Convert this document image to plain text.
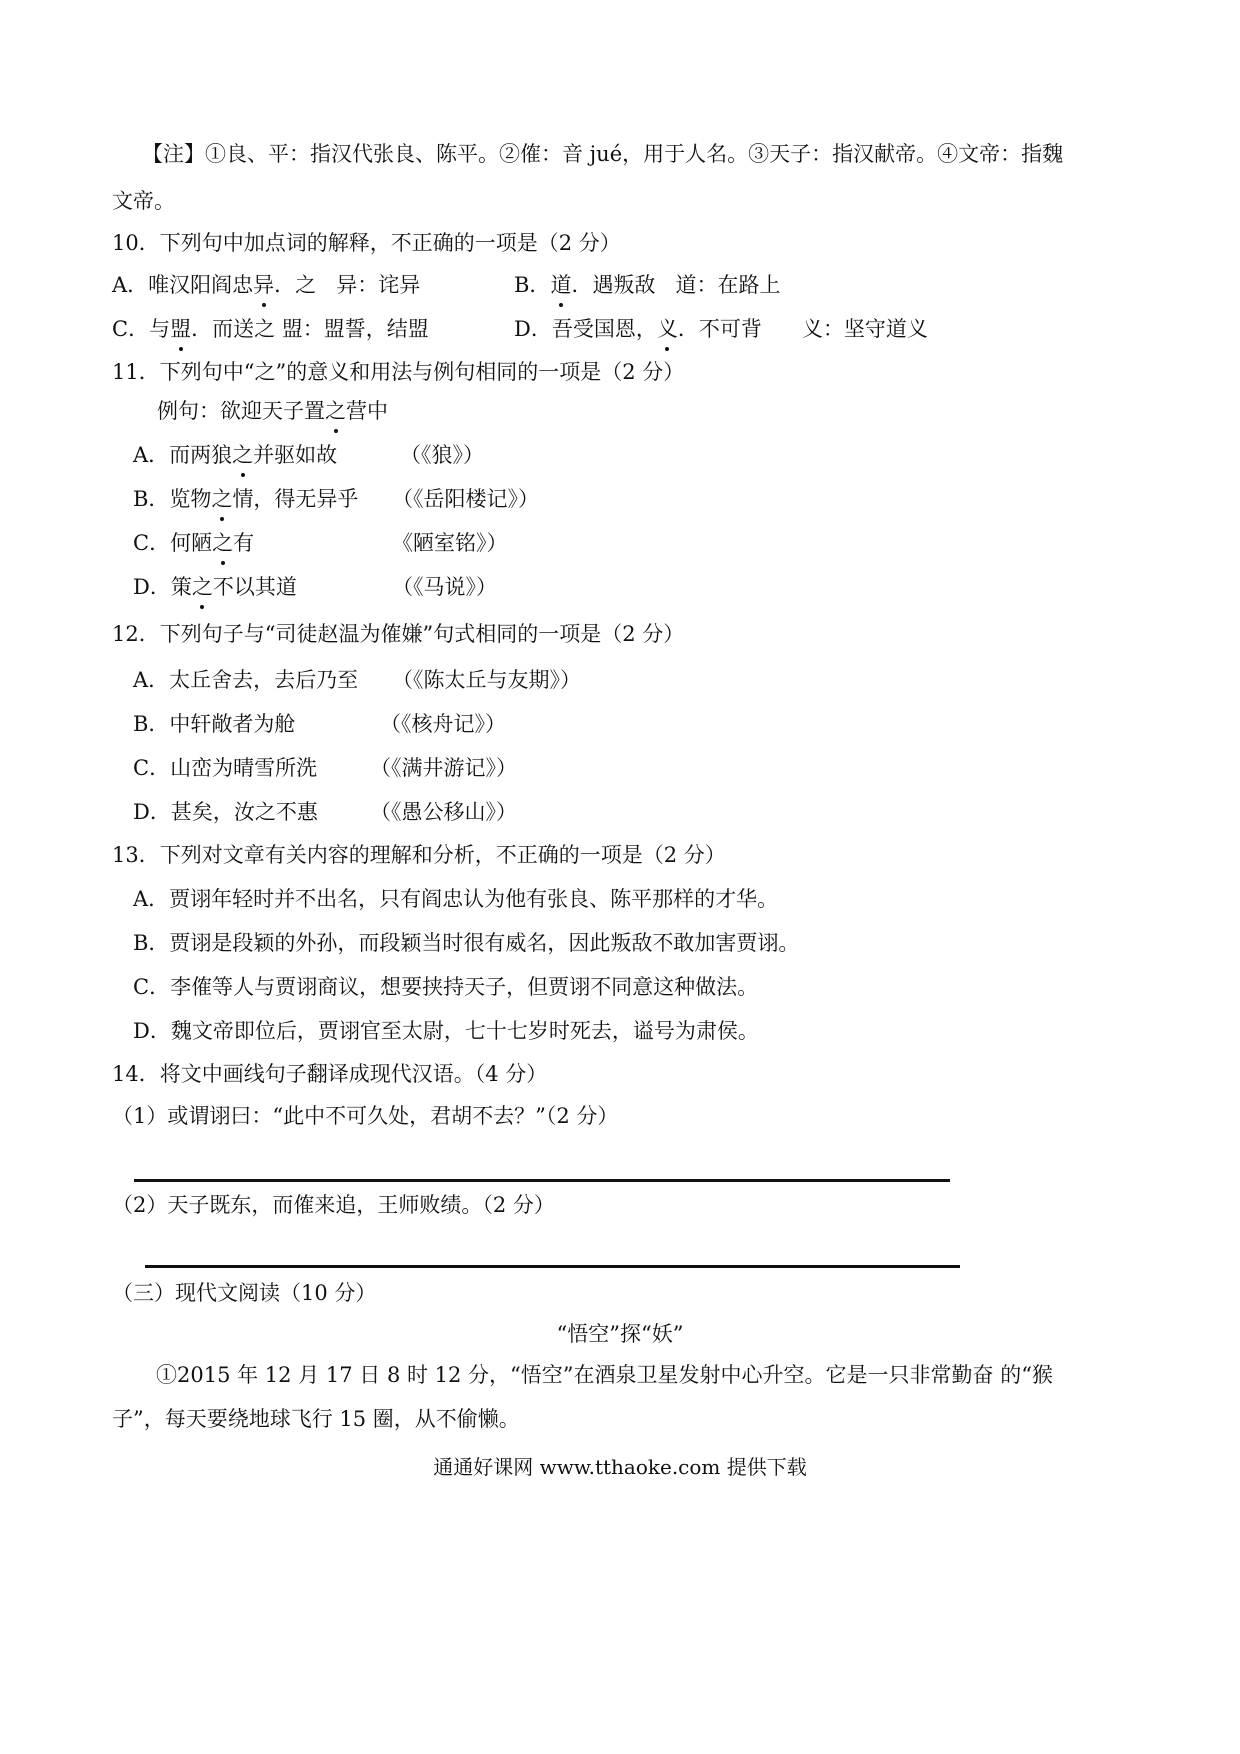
【注】①良、平：指汉代张良、陈平。②傕：音 jué，用于人名。③天子：指汉献帝。④文帝：指魏
文帝。
10．下列句中加点词的解释，不正确的一项是（2 分）
A．唯汉阳阎忠异．之 异：诧异	B．道．遇叛敌 道：在路上
C．与盟．而送之 盟：盟誓，结盟	D．吾受国恩，义．不可背 义：坚守道义
11．下列句中“之”的意义和用法与例句相同的一项是（2 分）
例句：欲迎天子置之营中
A．而两狼之并驱如故	（《狼》）
B．览物之情，得无异乎 （《岳阳楼记》）
C．何陋之有	《陋室铭》）
D．策之不以其道	（《马说》）
12．下列句子与“司徒赵温为傕嫌”句式相同的一项是（2 分）
A．太丘舍去，去后乃至 （《陈太丘与友期》）
B．中轩敞者为舱	（《核舟记》）
C．山峦为晴雪所洗	（《满井游记》）
D．甚矣，汝之不惠 （《愚公移山》）
13．下列对文章有关内容的理解和分析，不正确的一项是（2 分）
A．贾诩年轻时并不出名，只有阎忠认为他有张良、陈平那样的才华。
B．贾诩是段颖的外孙，而段颖当时很有威名，因此叛敌不敢加害贾诩。
C．李傕等人与贾诩商议，想要挟持天子，但贾诩不同意这种做法。
D．魏文帝即位后，贾诩官至太尉，七十七岁时死去，谥号为肃侯。
14．将文中画线句子翻译成现代汉语。（4 分）
（1）或谓诩曰：“此中不可久处，君胡不去？”（2 分）
（2）天子既东，而傕来追，王师败绩。（2 分）
（三）现代文阅读（10 分）
“悟空”探“妖”
①2015 年 12 月 17 日 8 时 12 分，“悟空”在酒泉卫星发射中心升空。它是一只非常勤奋 的“猴
子”，每天要绕地球飞行 15 圈，从不偷懒。
通通好课网 www.tthaoke.com 提供下载
